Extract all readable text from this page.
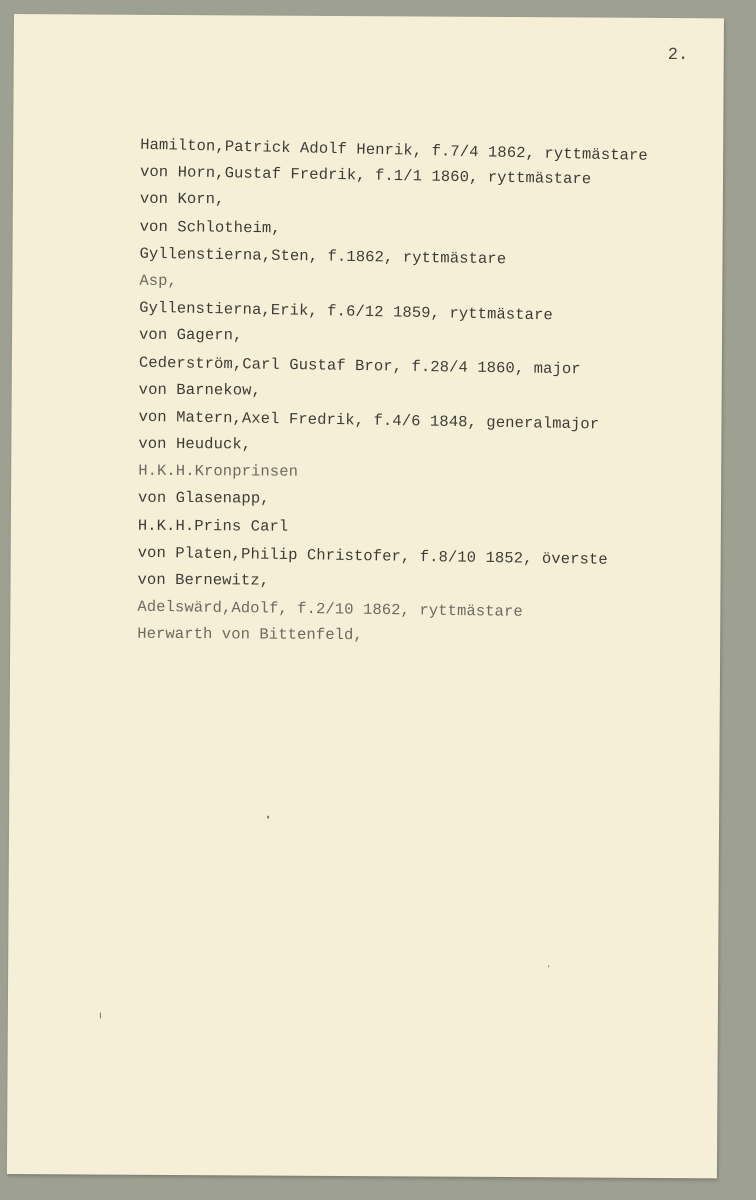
2.
Hamilton,Patrick Adolf Henrik, f.7/4 1862, ryttmästare
von Horn,Gustaf Fredrik, f.1/1 1860, ryttmästare
von Korn,
von Schlotheim,
Gyllenstierna,Sten, f.1862, ryttmästare
Asp,
Gyllenstierna,Erik, f.6/12 1859, ryttmästare
von Gagern,
Cederström,Carl Gustaf Bror, f.28/4 1860, major
von Barnekow,
von Matern,Axel Fredrik, f.4/6 1848, generalmajor
von Heuduck,
H.K.H.Kronprinsen
von Glasenapp,
H.K.H.Prins Carl
von Platen,Philip Christofer, f.8/10 1852, överste
von Bernewitz,
Adelswärd,Adolf, f.2/10 1862, ryttmästare
Herwarth von Bittenfeld,
